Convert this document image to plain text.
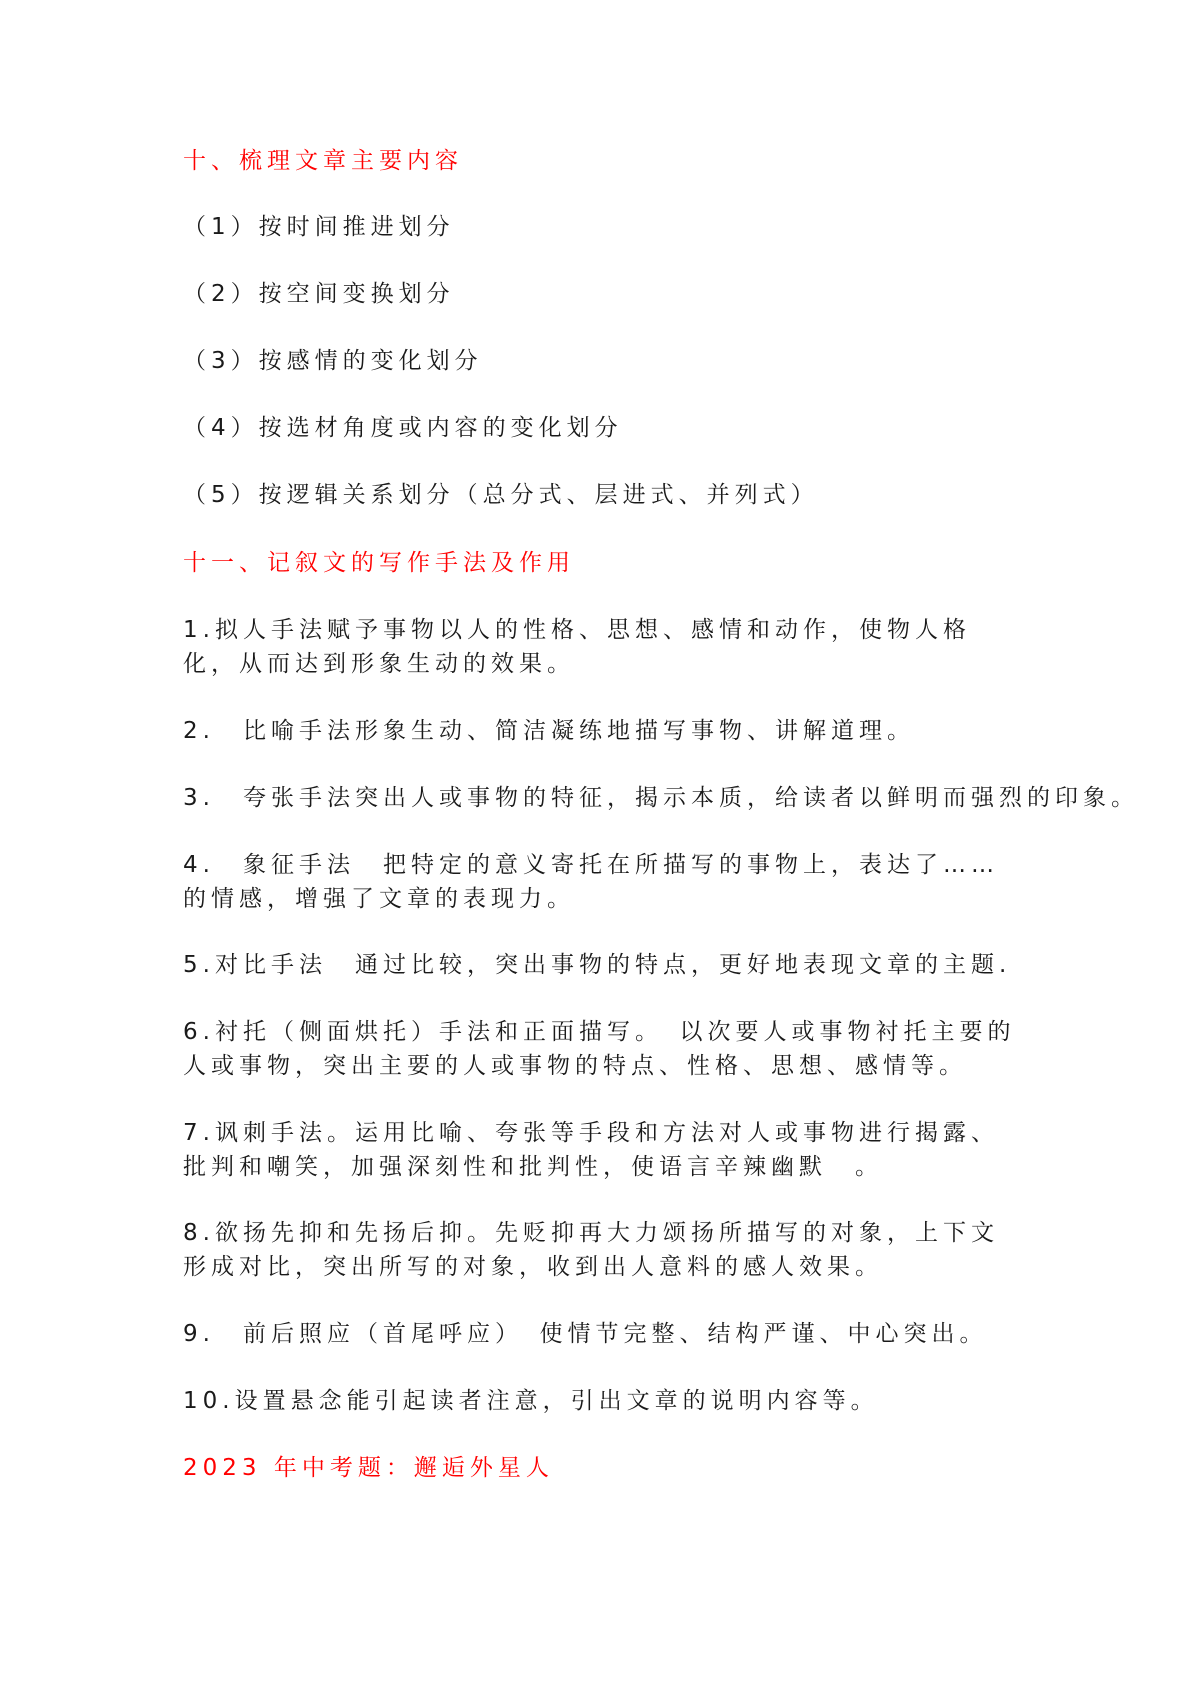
十、梳理文章主要内容
（1）按时间推进划分
（2）按空间变换划分
（3）按感情的变化划分
（4）按选材角度或内容的变化划分
（5）按逻辑关系划分（总分式、层进式、并列式）
十一、记叙文的写作手法及作用
1.拟人手法赋予事物以人的性格、思想、感情和动作，使物人格化，从而达到形象生动的效果。
2.　比喻手法形象生动、简洁凝练地描写事物、讲解道理。
3.　夸张手法突出人或事物的特征，揭示本质，给读者以鲜明而强烈的印象。
4.　象征手法　把特定的意义寄托在所描写的事物上，表达了……的情感，增强了文章的表现力。
5.对比手法　通过比较，突出事物的特点，更好地表现文章的主题.
6.衬托（侧面烘托）手法和正面描写。　以次要人或事物衬托主要的人或事物，突出主要的人或事物的特点、性格、思想、感情等。
7.讽刺手法。运用比喻、夸张等手段和方法对人或事物进行揭露、批判和嘲笑，加强深刻性和批判性，使语言辛辣幽默　。
8.欲扬先抑和先扬后抑。先贬抑再大力颂扬所描写的对象，上下文形成对比，突出所写的对象，收到出人意料的感人效果。
9.　前后照应（首尾呼应）　使情节完整、结构严谨、中心突出。
10.设置悬念能引起读者注意，引出文章的说明内容等。
2023 年中考题：邂逅外星人
